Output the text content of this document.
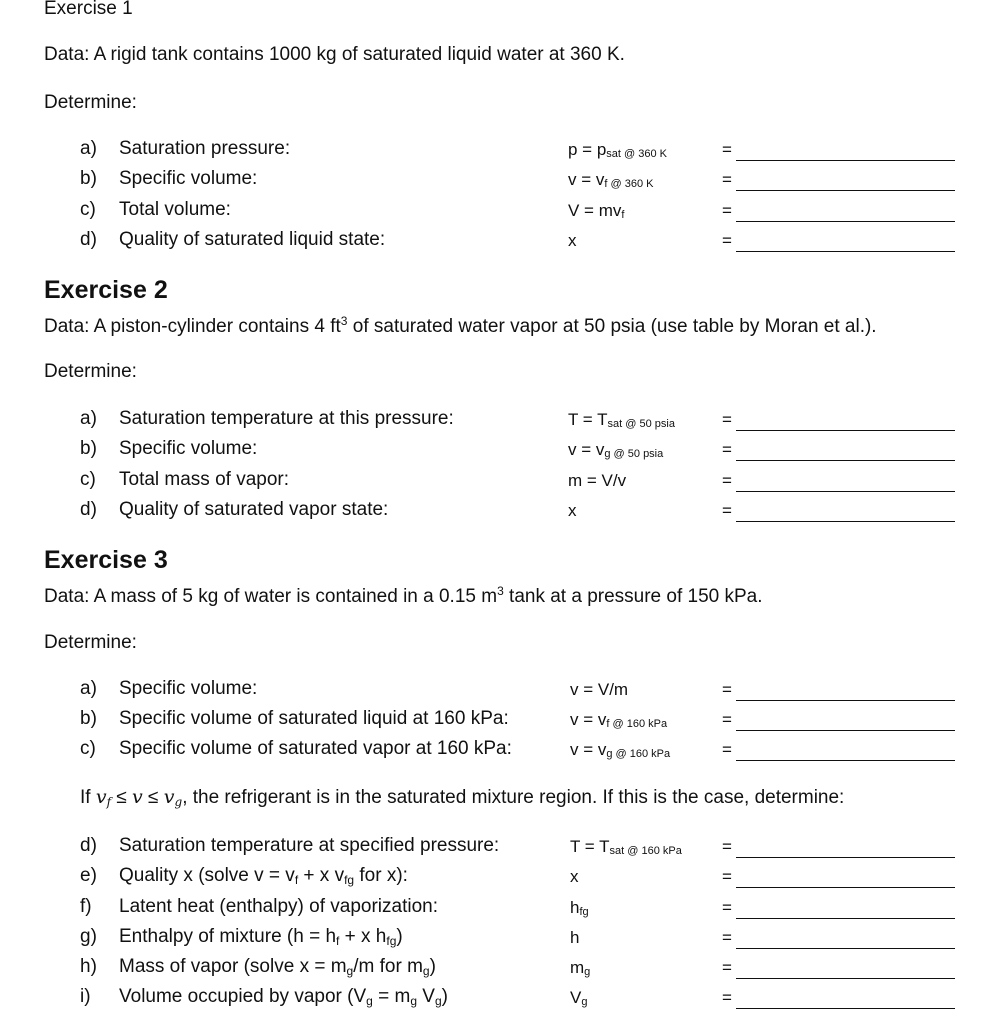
Exercise 1
Data: A rigid tank contains 1000 kg of saturated liquid water at 360 K.
Determine:
a) Saturation pressure:	$p = p_{sat @ 360 K}$	=
b) Specific volume:	$v = v_{f @ 360 K}$	=
c) Total volume:	$V = mv_f$	=
d) Quality of saturated liquid state:	x	=
Exercise 2
Data: A piston-cylinder contains 4 $ft^3$ of saturated water vapor at 50 psia (use table by Moran et al.).
Determine:
a) Saturation temperature at this pressure:	$T = T_{sat @ 50 psia}$	=
b) Specific volume:	$v = v_{g @ 50 psia}$	=
c) Total mass of vapor:	m = V/v	=
d) Quality of saturated vapor state:	x	=
Exercise 3
Data: A mass of 5 kg of water is contained in a 0.15 $m^3$ tank at a pressure of 150 kPa.
Determine:
a) Specific volume:	v = V/m	=
b) Specific volume of saturated liquid at 160 kPa:	$v = v_{f @ 160 kPa}$	=
c) Specific volume of saturated vapor at 160 kPa:	$v = v_{g @ 160 kPa}$	=
If $v_f \le v \le v_g$, the refrigerant is in the saturated mixture region. If this is the case, determine:
d) Saturation temperature at specified pressure:	$T = T_{sat @ 160 kPa}$ =
e) Quality x (solve $v = v_f + x$ $v_{fg}$ for x):	x	=
f) Latent heat (enthalpy) of vaporization:	$h_{fg}$	=
g) Enthalpy of mixture ($h = h_f + x$ $h_{fg}$)	h	=
h) Mass of vapor (solve $x = m_g/m$ for $m_g$)	$m_g$	=
i) Volume occupied by vapor ($V_g = m_g$ $V_g$)	$V_g$	=
